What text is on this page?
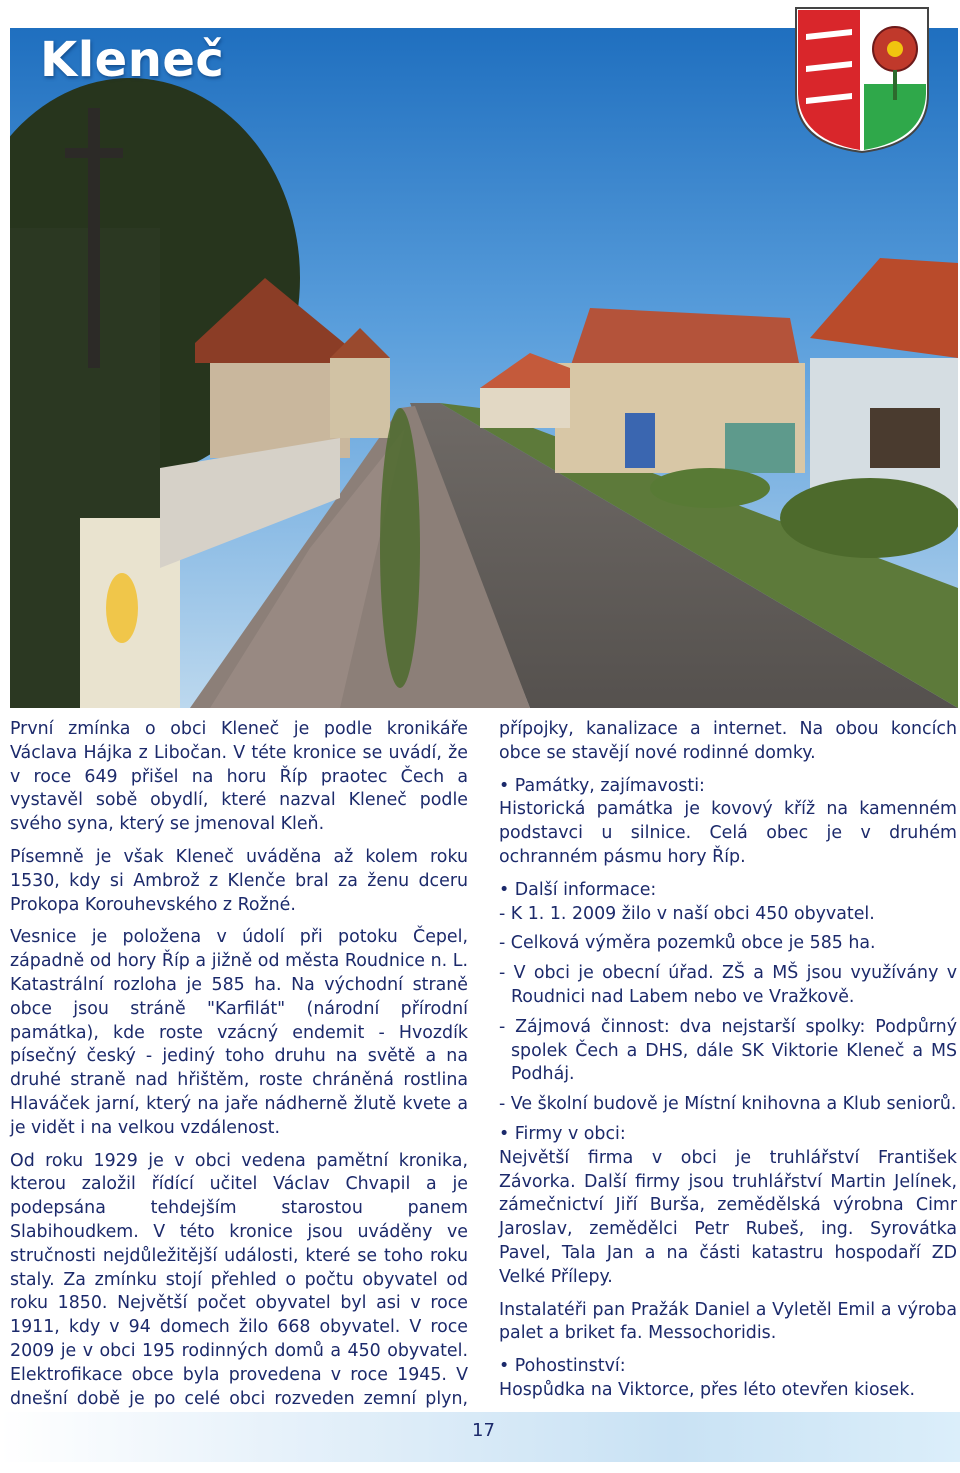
Kleneč

První zmínka o obci Kleneč je podle kronikáře Václava Hájka z Libočan. V téte kronice se uvádí, že v roce 649 přišel na horu Říp praotec Čech a vystavěl sobě obydlí, které nazval Kleneč podle svého syna, který se jmenoval Kleň.

Písemně je však Kleneč uváděna až kolem roku 1530, kdy si Ambrož z Klenče bral za ženu dceru Prokopa Korouhevského z Rožné.

Vesnice je položena v údolí při potoku Čepel, západně od hory Říp a jižně od města Roudnice n. L. Katastrální rozloha je 585 ha. Na východní straně obce jsou stráně "Karfilát" (národní přírodní památka), kde roste vzácný endemit - Hvozdík písečný český - jediný toho druhu na světě a na druhé straně nad hřištěm, roste chráněná rostlina Hlaváček jarní, který na jaře nádherně žlutě kvete a je vidět i na velkou vzdálenost.

Od roku 1929 je v obci vedena pamětní kronika, kterou založil řídící učitel Václav Chvapil a je podepsána tehdejším starostou panem Slabihoudkem. V této kronice jsou uváděny ve stručnosti nejdůležitější události, které se toho roku staly. Za zmínku stojí přehled o počtu obyvatel od roku 1850. Největší počet obyvatel byl asi v roce 1911, kdy v 94 domech žilo 668 obyvatel. V roce 2009 je v obci 195 rodinných domů a 450 obyvatel. Elektrofikace obce byla provedena v roce 1945. V dnešní době je po celé obci rozveden zemní plyn,

přípojky, kanalizace a internet. Na obou koncích obce se stavějí nové rodinné domky.

• Památky, zajímavosti:

Historická památka je kovový kříž na kamenném podstavci u silnice. Celá obec je v druhém ochranném pásmu hory Říp.

• Další informace:

- K 1. 1. 2009 žilo v naší obci 450 obyvatel.

- Celková výměra pozemků obce je 585 ha.

- V obci je obecní úřad. ZŠ a MŠ jsou využívány v Roudnici nad Labem nebo ve Vražkově.

- Zájmová činnost: dva nejstarší spolky: Podpůrný spolek Čech a DHS, dále SK Viktorie Kleneč a MS Podháj.

- Ve školní budově je Místní knihovna a Klub seniorů.

• Firmy v obci:

Největší firma v obci je truhlářství František Závorka. Další firmy jsou truhlářství Martin Jelínek, zámečnictví Jiří Burša, zemědělská výrobna Cimr Jaroslav, zemědělci Petr Rubeš, ing. Syrovátka Pavel, Tala Jan a na části katastru hospodaří ZD Velké Přílepy.

Instalatéři pan Pražák Daniel a Vyletěl Emil a výroba palet a briket fa. Messochoridis.

• Pohostinství:

Hospůdka na Viktorce, přes léto otevřen kiosek.

17
